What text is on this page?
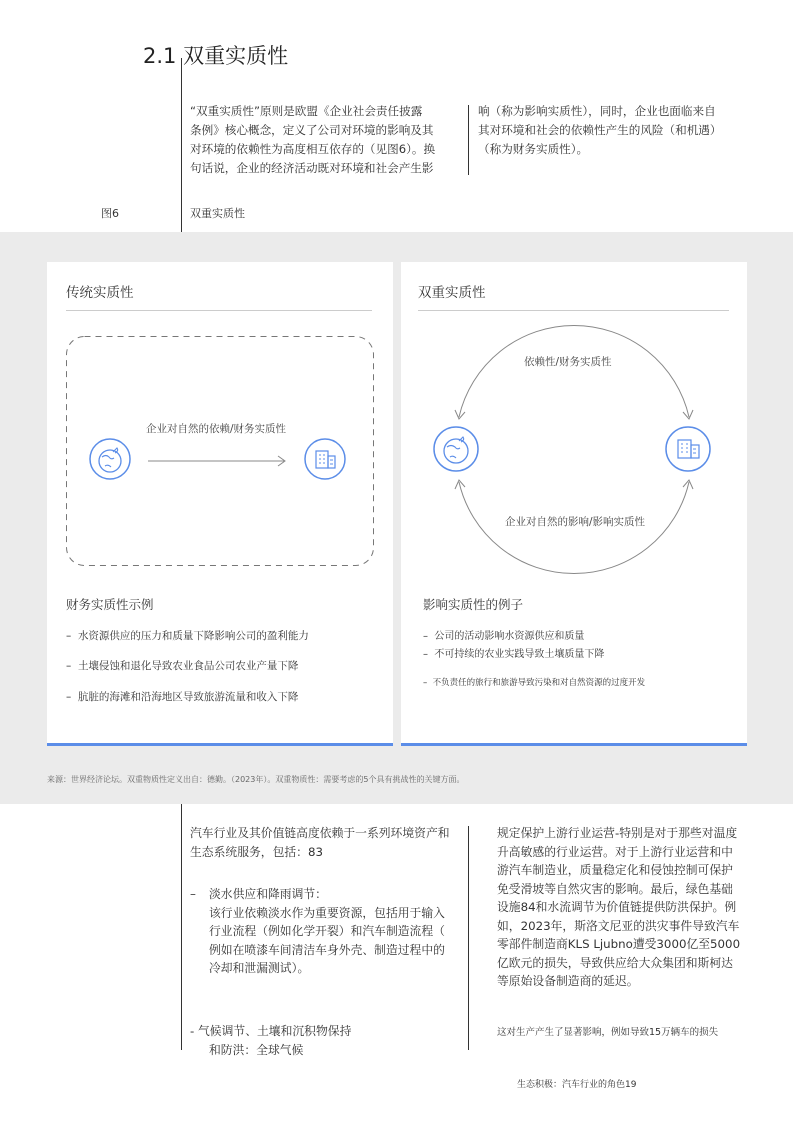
2.1 双重实质性
“双重实质性”原则是欧盟《企业社会责任披露
条例》核心概念，定义了公司对环境的影响及其
对环境的依赖性为高度相互依存的（见图6）。换
句话说，企业的经济活动既对环境和社会产生影
响（称为影响实质性），同时，企业也面临来自
其对环境和社会的依赖性产生的风险（和机遇）
（称为财务实质性）。
图6	双重实质性
传统实质性
企业对自然的依赖/财务实质性
财务实质性示例
–  水资源供应的压力和质量下降影响公司的盈利能力
–  土壤侵蚀和退化导致农业食品公司农业产量下降
–  肮脏的海滩和沿海地区导致旅游流量和收入下降
双重实质性
依赖性/财务实质性
企业对自然的影响/影响实质性
影响实质性的例子
–  公司的活动影响水资源供应和质量
–  不可持续的农业实践导致土壤质量下降
–  不负责任的旅行和旅游导致污染和对自然资源的过度开发
来源：世界经济论坛。双重物质性定义出自：德勤。（2023年）。双重物质性：需要考虑的5个具有挑战性的关键方面。
汽车行业及其价值链高度依赖于一系列环境资产和
生态系统服务，包括：83
–	淡水供应和降雨调节：
该行业依赖淡水作为重要资源，包括用于输入
行业流程（例如化学开裂）和汽车制造流程（
例如在喷漆车间清洁车身外壳、制造过程中的
冷却和泄漏测试）。
- 气候调节、土壤和沉积物保持
和防洪：全球气候
规定保护上游行业运营-特别是对于那些对温度
升高敏感的行业运营。对于上游行业运营和中
游汽车制造业，质量稳定化和侵蚀控制可保护
免受滑坡等自然灾害的影响。最后，绿色基础
设施84和水流调节为价值链提供防洪保护。例
如，2023年，斯洛文尼亚的洪灾事件导致汽车
零部件制造商KLS Ljubno遭受3000亿至5000
亿欧元的损失，导致供应给大众集团和斯柯达
等原始设备制造商的延迟。
这对生产产生了显著影响，例如导致15万辆车的损失
生态积极：汽车行业的角色19
